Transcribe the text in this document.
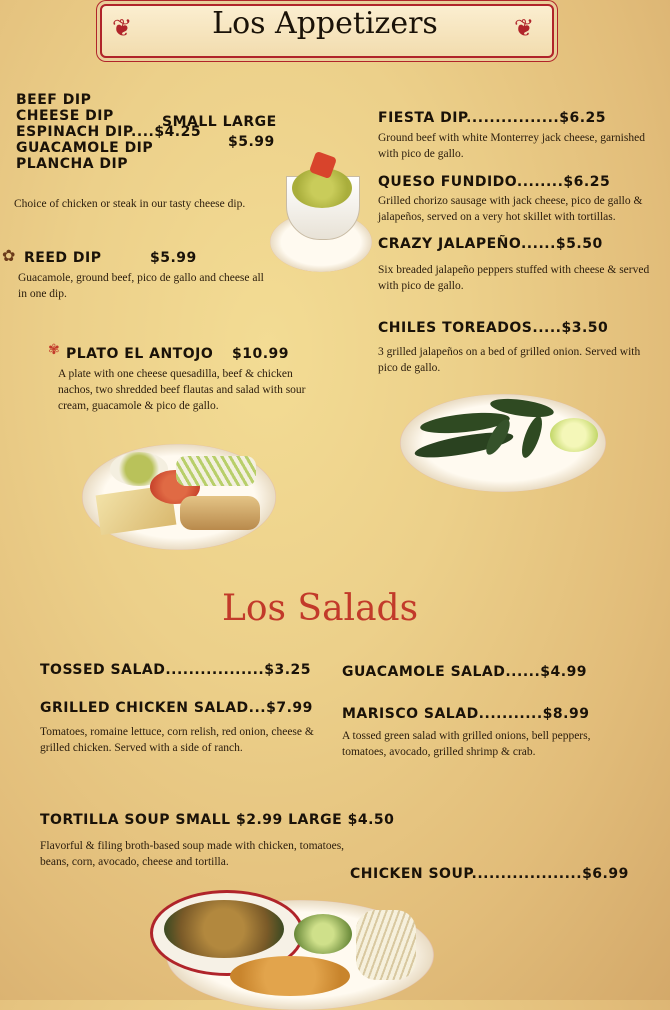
❦	❦
Los Appetizers
BEEF DIP
CHEESE DIP
ESPINACH DIP....$4.25
GUACAMOLE DIP
PLANCHA DIP
SMALL LARGE
$5.99
Choice of chicken or steak in our tasty cheese dip.
✿ REED DIP	$5.99
Guacamole, ground beef, pico de gallo and cheese all in one dip.
✾ PLATO EL ANTOJO $10.99
A plate with one cheese quesadilla, beef & chicken nachos, two shredded beef flautas and salad with sour cream, guacamole & pico de gallo.
FIESTA DIP................$6.25
Ground beef with white Monterrey jack cheese, garnished with pico de gallo.
QUESO FUNDIDO........$6.25
Grilled chorizo sausage with jack cheese, pico de gallo & jalapeños, served on a very hot skillet with tortillas.
CRAZY JALAPEÑO......$5.50
Six breaded jalapeño peppers stuffed with cheese & served with pico de gallo.
CHILES TOREADOS.....$3.50
3 grilled jalapeños on a bed of grilled onion. Served with pico de gallo.
Los Salads
TOSSED SALAD.................$3.25 GUACAMOLE SALAD......$4.99
GRILLED CHICKEN SALAD...$7.99
Tomatoes, romaine lettuce, corn relish, red onion, cheese & grilled chicken. Served with a side of ranch.
MARISCO SALAD...........$8.99
A tossed green salad with grilled onions, bell peppers, tomatoes, avocado, grilled shrimp & crab.
TORTILLA SOUP SMALL $2.99 LARGE $4.50
Flavorful & filing broth-based soup made with chicken, tomatoes, beans, corn, avocado, cheese and tortilla.
CHICKEN SOUP...................$6.99
